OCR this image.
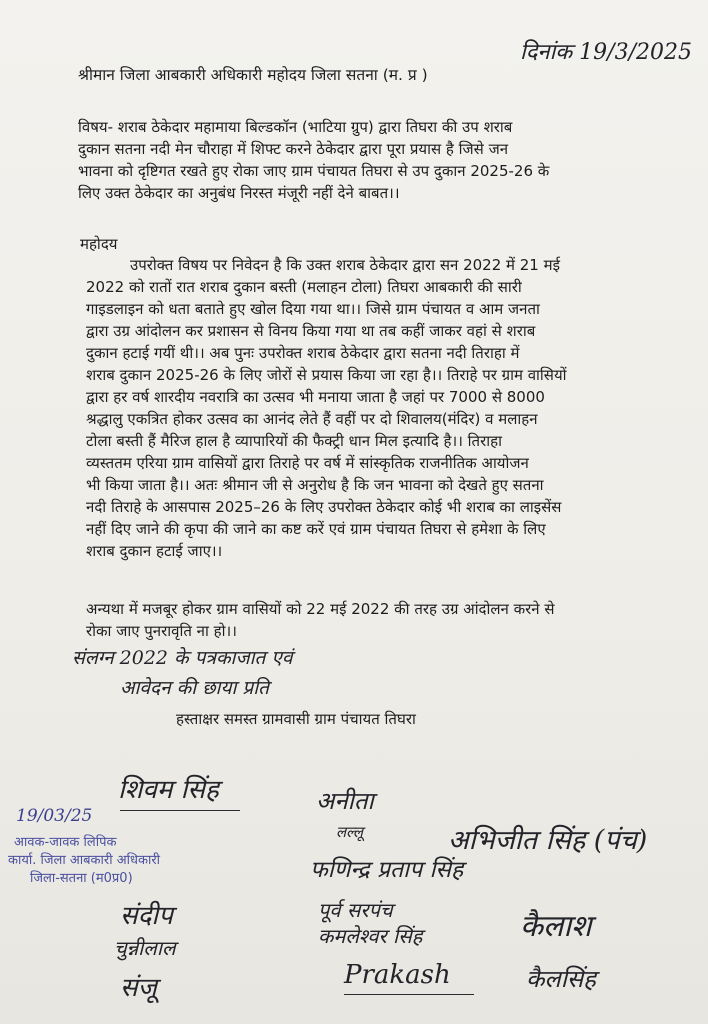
दिनांक 19/3/2025
श्रीमान जिला आबकारी अधिकारी महोदय जिला सतना (म. प्र )
विषय- शराब ठेकेदार महामाया बिल्डकॉन (भाटिया ग्रुप) द्वारा तिघरा की उप शराब
दुकान सतना नदी मेन चौराहा में शिफ्ट करने ठेकेदार द्वारा पूरा प्रयास है जिसे जन
भावना को दृष्टिगत रखते हुए रोका जाए ग्राम पंचायत तिघरा से उप दुकान 2025-26 के
लिए उक्त ठेकेदार का अनुबंध निरस्त मंजूरी नहीं देने बाबत।।
महोदय
उपरोक्त विषय पर निवेदन है कि उक्त शराब ठेकेदार द्वारा सन 2022 में 21 मई
2022 को रातों रात शराब दुकान बस्ती (मलाहन टोला) तिघरा आबकारी की सारी
गाइडलाइन को धता बताते हुए खोल दिया गया था।। जिसे ग्राम पंचायत व आम जनता
द्वारा उग्र आंदोलन कर प्रशासन से विनय किया गया था तब कहीं जाकर वहां से शराब
दुकान हटाई गयीं थी।। अब पुनः उपरोक्त शराब ठेकेदार द्वारा सतना नदी तिराहा में
शराब दुकान 2025-26 के लिए जोरों से प्रयास किया जा रहा है।। तिराहे पर ग्राम वासियों
द्वारा हर वर्ष शारदीय नवरात्रि का उत्सव भी मनाया जाता है जहां पर 7000 से 8000
श्रद्धालु एकत्रित होकर उत्सव का आनंद लेते हैं वहीं पर दो शिवालय(मंदिर) व मलाहन
टोला बस्ती हैं मैरिज हाल है व्यापारियों की फैक्ट्री धान मिल इत्यादि है।। तिराहा
व्यस्ततम एरिया ग्राम वासियों द्वारा तिराहे पर वर्ष में सांस्कृतिक राजनीतिक आयोजन
भी किया जाता है।। अतः श्रीमान जी से अनुरोध है कि जन भावना को देखते हुए सतना
नदी तिराहे के आसपास 2025–26 के लिए उपरोक्त ठेकेदार कोई भी शराब का लाइसेंस
नहीं दिए जाने की कृपा की जाने का कष्ट करें एवं ग्राम पंचायत तिघरा से हमेशा के लिए
शराब दुकान हटाई जाए।।
अन्यथा में मजबूर होकर ग्राम वासियों को 22 मई 2022 की तरह उग्र आंदोलन करने से
रोका जाए पुनरावृति ना हो।।
संलग्न 2022 के पत्रकाजात एवं
आवेदन की छाया प्रति
हस्ताक्षर समस्त ग्रामवासी ग्राम पंचायत तिघरा
19/03/25
आवक-जावक लिपिक
कार्या. जिला आबकारी अधिकारी
जिला-सतना (म0प्र0)
शिवम सिंह	अनीता
अभिजीत सिंह (पंच)
लल्लू
फणिन्द्र प्रताप सिंह
संदीप	पूर्व सरपंच
कमलेश्वर सिंह	कैलाश
चुन्नीलाल
संजू	Prakash	कैलसिंह
